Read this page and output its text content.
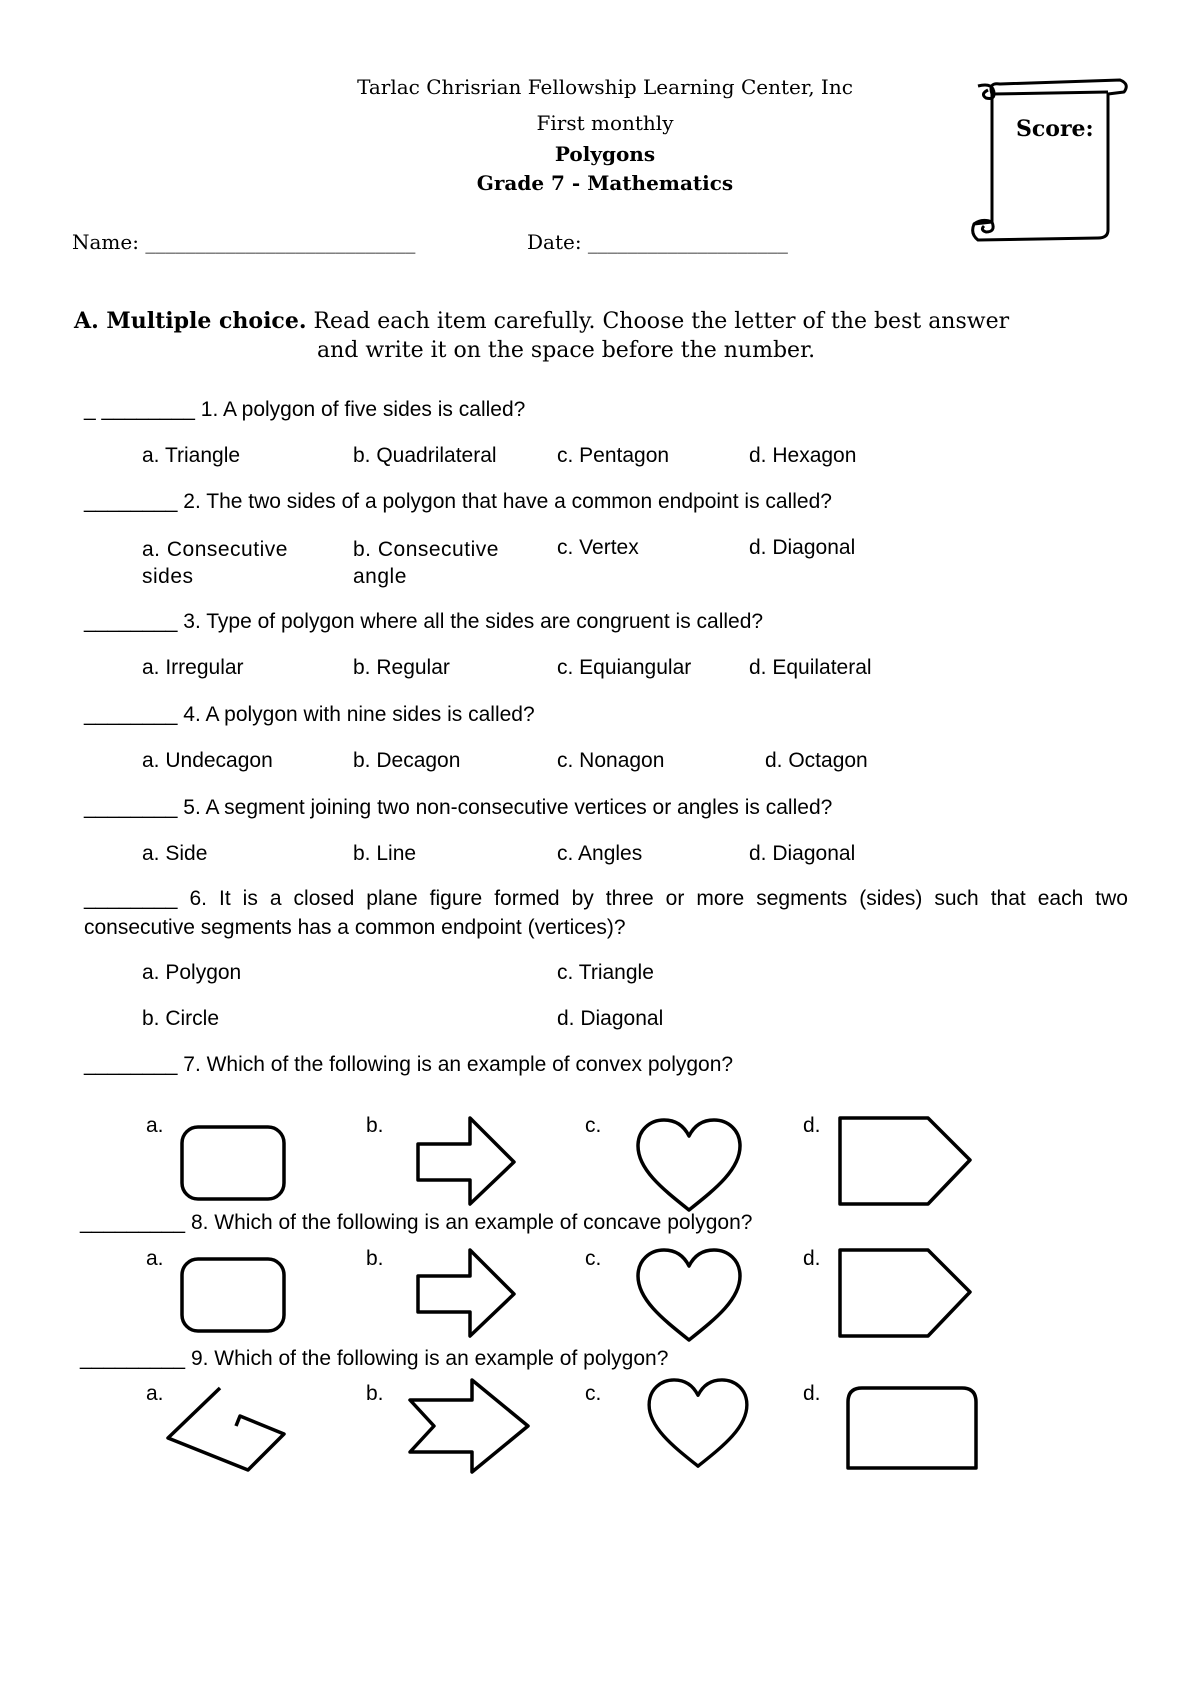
Tarlac Chrisrian Fellowship Learning Center, Inc
First monthly
Polygons
Grade 7 - Mathematics
Score:
Name: ___________________________	Date: ____________________
A. Multiple choice. Read each item carefully. Choose the letter of the best answer
and write it on the space before the number.
_ ________ 1. A polygon of five sides is called?
a. Triangle	b. Quadrilateral	c. Pentagon	d. Hexagon
________ 2. The two sides of a polygon that have a common endpoint is called?
a. Consecutive sides
b. Consecutive angle
c. Vertex	d. Diagonal
________ 3. Type of polygon where all the sides are congruent is called?
a. Irregular	b. Regular	c. Equiangular	d. Equilateral
________ 4. A polygon with nine sides is called?
a. Undecagon	b. Decagon	c. Nonagon	d. Octagon
________ 5. A segment joining two non-consecutive vertices or angles is called?
a. Side	b. Line	c. Angles	d. Diagonal
________ 6. It is a closed plane figure formed by three or more segments (sides) such that each two consecutive segments has a common endpoint (vertices)?
a. Polygon	c. Triangle
b. Circle	d. Diagonal
________ 7. Which of the following is an example of convex polygon?
a.	b.	c.	d.
_________ 8. Which of the following is an example of concave polygon?
a.	b.	c.	d.
_________ 9. Which of the following is an example of polygon?
a.	b.	c.	d.
